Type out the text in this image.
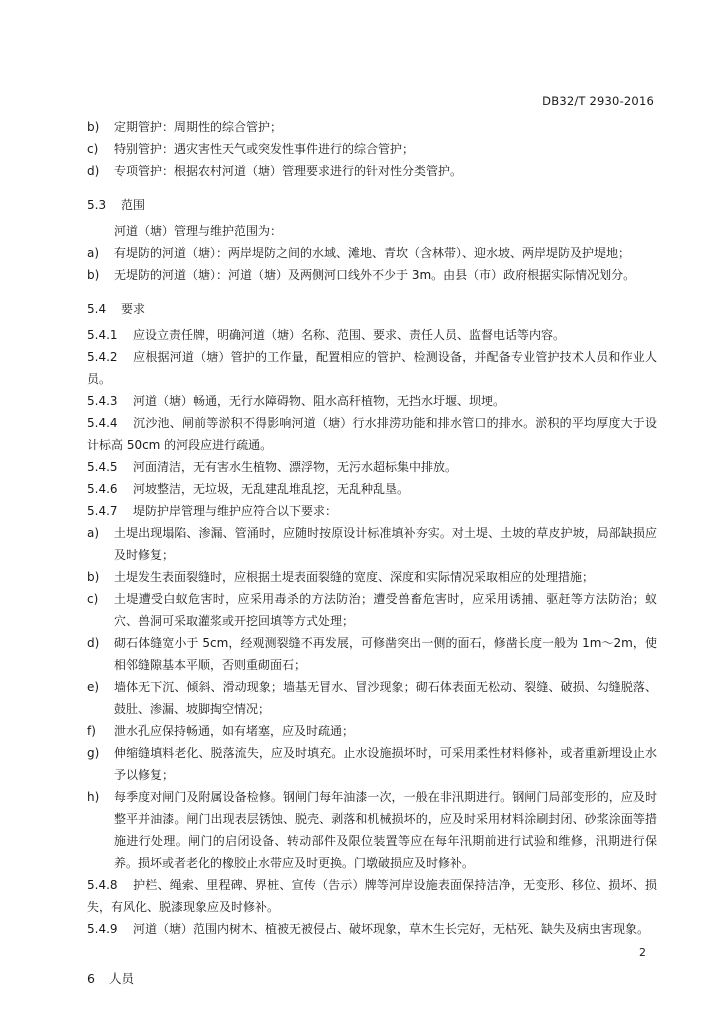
DB32/T 2930-2016
b)	定期管护：周期性的综合管护；
c)	特别管护：遇灾害性天气或突发性事件进行的综合管护；
d)	专项管护：根据农村河道（塘）管理要求进行的针对性分类管护。
5.3 范围
河道（塘）管理与维护范围为：
a)	有堤防的河道（塘）：两岸堤防之间的水域、滩地、青坎（含林带）、迎水坡、两岸堤防及护堤地；
b)	无堤防的河道（塘）：河道（塘）及两侧河口线外不少于 3m。由县（市）政府根据实际情况划分。
5.4 要求
5.4.1 应设立责任牌，明确河道（塘）名称、范围、要求、责任人员、监督电话等内容。
5.4.2 应根据河道（塘）管护的工作量，配置相应的管护、检测设备，并配备专业管护技术人员和作业人员。
5.4.3 河道（塘）畅通，无行水障碍物、阻水高秆植物，无挡水圩堰、坝埂。
5.4.4 沉沙池、闸前等淤积不得影响河道（塘）行水排涝功能和排水管口的排水。淤积的平均厚度大于设计标高 50cm 的河段应进行疏通。
5.4.5 河面清洁，无有害水生植物、漂浮物，无污水超标集中排放。
5.4.6 河坡整洁，无垃圾，无乱建乱堆乱挖，无乱种乱垦。
5.4.7 堤防护岸管理与维护应符合以下要求：
a)	土堤出现塌陷、渗漏、管涌时，应随时按原设计标准填补夯实。对土堤、土坡的草皮护坡，局部缺损应及时修复；
b)	土堤发生表面裂缝时，应根据土堤表面裂缝的宽度、深度和实际情况采取相应的处理措施；
c)	土堤遭受白蚁危害时，应采用毒杀的方法防治；遭受兽畜危害时，应采用诱捕、驱赶等方法防治；蚁穴、兽洞可采取灌浆或开挖回填等方式处理；
d)	砌石体缝宽小于 5cm，经观测裂缝不再发展，可修凿突出一侧的面石，修凿长度一般为 1m～2m，使相邻缝隙基本平顺，否则重砌面石；
e)	墙体无下沉、倾斜、滑动现象；墙基无冒水、冒沙现象；砌石体表面无松动、裂缝、破损、勾缝脱落、鼓肚、渗漏、坡脚掏空情况；
f)	泄水孔应保持畅通，如有堵塞，应及时疏通；
g)	伸缩缝填料老化、脱落流失，应及时填充。止水设施损坏时，可采用柔性材料修补，或者重新埋设止水予以修复；
h)	每季度对闸门及附属设备检修。钢闸门每年油漆一次，一般在非汛期进行。钢闸门局部变形的，应及时整平并油漆。闸门出现表层锈蚀、脱壳、剥落和机械损坏的，应及时采用材料涂刷封闭、砂浆涂面等措施进行处理。闸门的启闭设备、转动部件及限位装置等应在每年汛期前进行试验和维修，汛期进行保养。损坏或者老化的橡胶止水带应及时更换。门墩破损应及时修补。
5.4.8 护栏、绳索、里程碑、界桩、宣传（告示）牌等河岸设施表面保持洁净，无变形、移位、损坏、损失，有风化、脱漆现象应及时修补。
5.4.9 河道（塘）范围内树木、植被无被侵占、破坏现象，草木生长完好，无枯死、缺失及病虫害现象。
6 人员
2
